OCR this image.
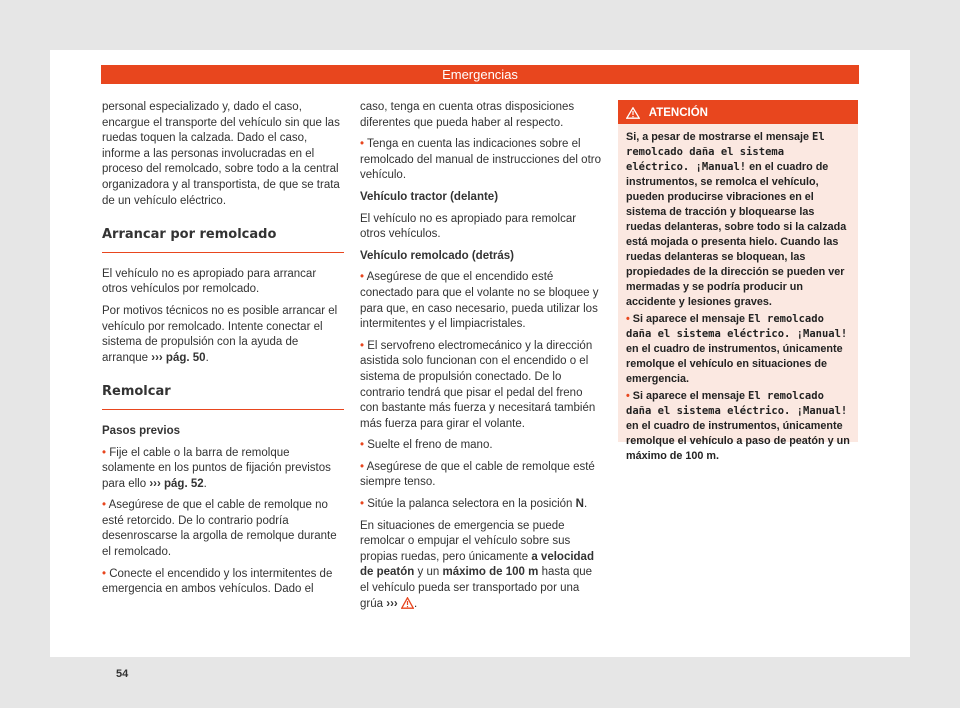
Emergencias

personal especializado y, dado el caso, encargue el transporte del vehículo sin que las ruedas toquen la calzada. Dado el caso, informe a las personas involucradas en el proceso del remolcado, sobre todo a la central organizadora y al transportista, de que se trata de un vehículo eléctrico.

Arrancar por remolcado

El vehículo no es apropiado para arrancar otros vehículos por remolcado.

Por motivos técnicos no es posible arrancar el vehículo por remolcado. Intente conectar el sistema de propulsión con la ayuda de arranque ››› pág. 50.

Remolcar

Pasos previos

• Fije el cable o la barra de remolque solamente en los puntos de fijación previstos para ello ››› pág. 52.

• Asegúrese de que el cable de remolque no esté retorcido. De lo contrario podría desenroscarse la argolla de remolque durante el remolcado.

• Conecte el encendido y los intermitentes de emergencia en ambos vehículos. Dado el

caso, tenga en cuenta otras disposiciones diferentes que pueda haber al respecto.

• Tenga en cuenta las indicaciones sobre el remolcado del manual de instrucciones del otro vehículo.

Vehículo tractor (delante)

El vehículo no es apropiado para remolcar otros vehículos.

Vehículo remolcado (detrás)

• Asegúrese de que el encendido esté conectado para que el volante no se bloquee y para que, en caso necesario, pueda utilizar los intermitentes y el limpiacristales.

• El servofreno electromecánico y la dirección asistida solo funcionan con el encendido o el sistema de propulsión conectado. De lo contrario tendrá que pisar el pedal del freno con bastante más fuerza y necesitará también más fuerza para girar el volante.

• Suelte el freno de mano.

• Asegúrese de que el cable de remolque esté siempre tenso.

• Sitúe la palanca selectora en la posición N.

En situaciones de emergencia se puede remolcar o empujar el vehículo sobre sus propias ruedas, pero únicamente a velocidad de peatón y un máximo de 100 m hasta que el vehículo pueda ser transportado por una grúa ››› .

ATENCIÓN

Si, a pesar de mostrarse el mensaje El remolcado daña el sistema eléctrico. ¡Manual! en el cuadro de instrumentos, se remolca el vehículo, pueden producirse vibraciones en el sistema de tracción y bloquearse las ruedas delanteras, sobre todo si la calzada está mojada o presenta hielo. Cuando las ruedas delanteras se bloquean, las propiedades de la dirección se pueden ver mermadas y se podría producir un accidente y lesiones graves.

• Si aparece el mensaje El remolcado daña el sistema eléctrico. ¡Manual! en el cuadro de instrumentos, únicamente remolque el vehículo en situaciones de emergencia.

• Si aparece el mensaje El remolcado daña el sistema eléctrico. ¡Manual! en el cuadro de instrumentos, únicamente remolque el vehículo a paso de peatón y un máximo de 100 m.

54
